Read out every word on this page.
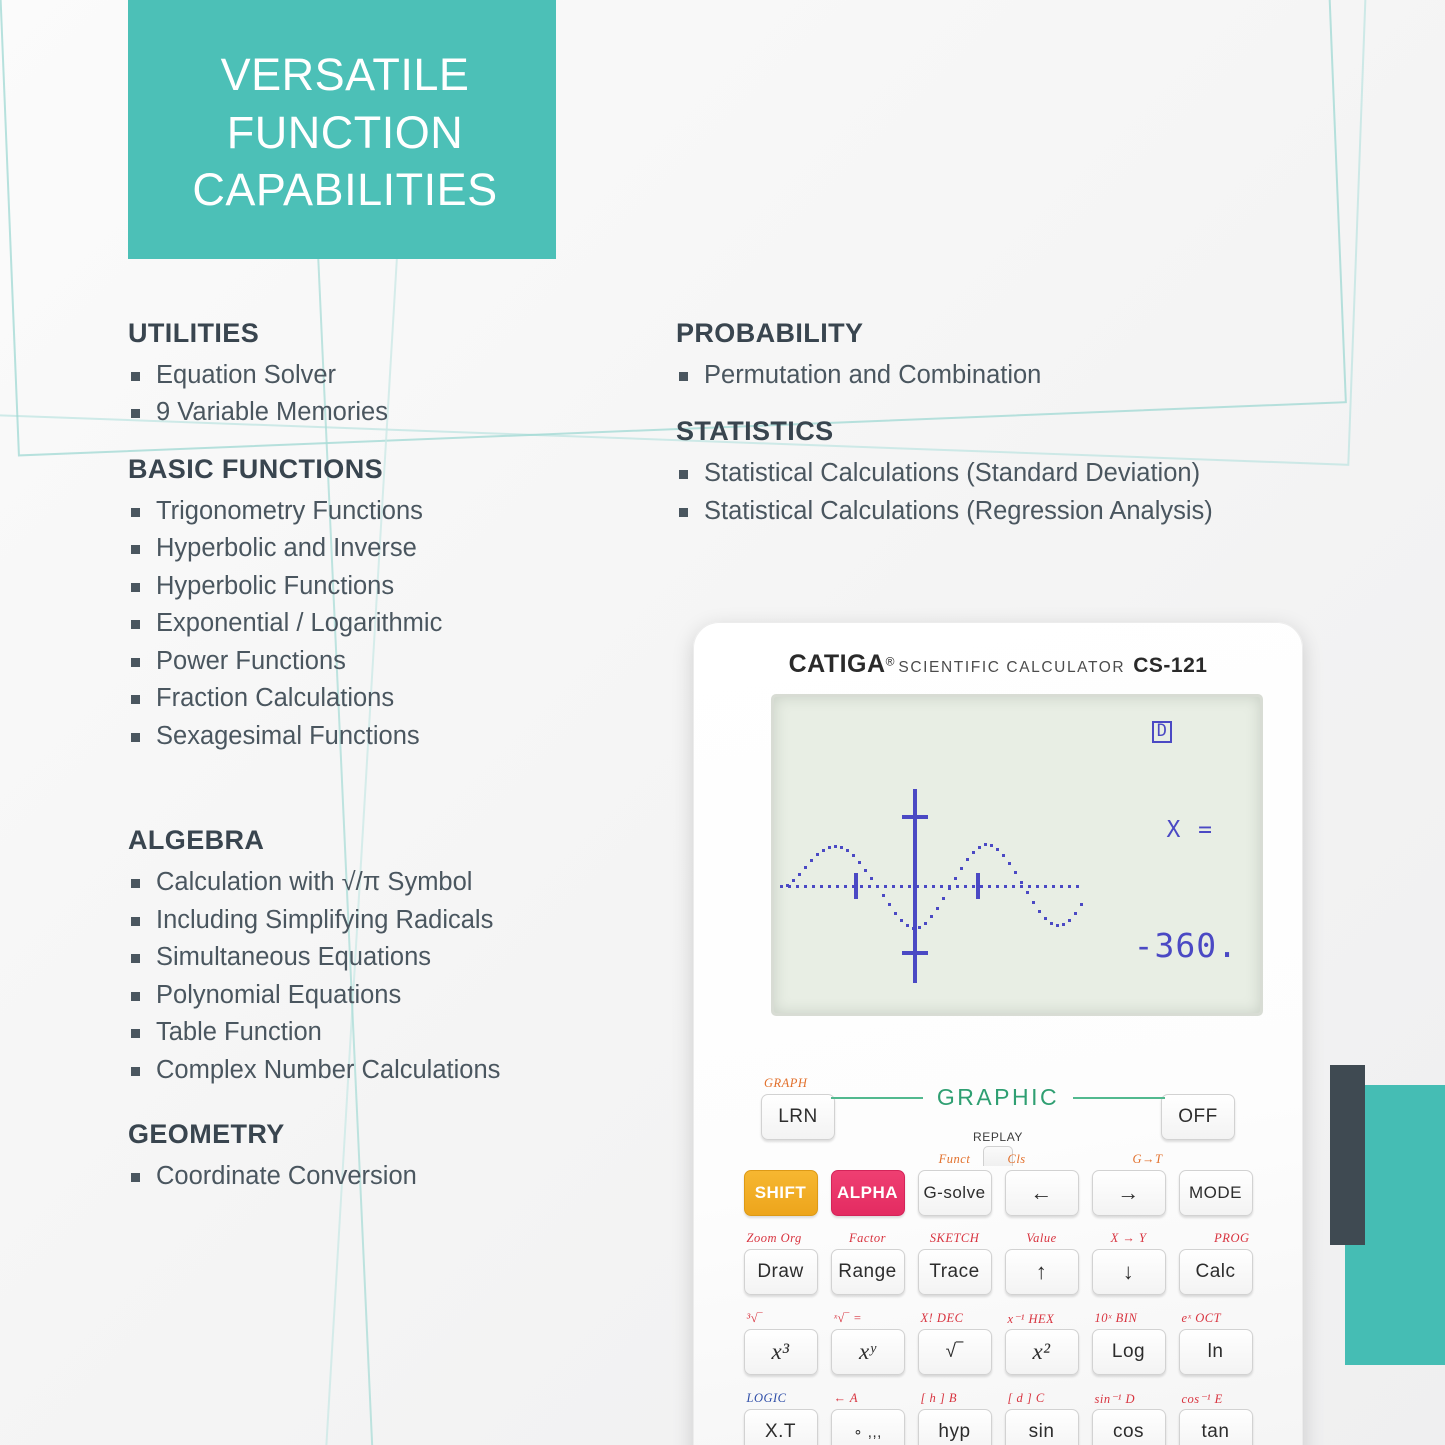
VERSATILE FUNCTION CAPABILITIES
UTILITIES
Equation Solver
9 Variable Memories
BASIC FUNCTIONS
Trigonometry Functions
Hyperbolic and Inverse
Hyperbolic Functions
Exponential / Logarithmic
Power Functions
Fraction Calculations
Sexagesimal Functions
ALGEBRA
Calculation with √/π Symbol
Including Simplifying Radicals
Simultaneous Equations
Polynomial Equations
Table Function
Complex Number Calculations
GEOMETRY
Coordinate Conversion
PROBABILITY
Permutation and Combination
STATISTICS
Statistical Calculations (Standard Deviation)
Statistical Calculations (Regression Analysis)
CATIGA® SCIENTIFIC CALCULATOR CS-121
D
X =
-360.
GRAPH
LRN	OFF
GRAPHIC
REPLAY
SHIFT ALPHA
Funct
G-solve
Cls
←
G→T
→	MODE
Zoom Org
Draw
Factor
Range
SKETCH
Trace
Value
↑
X → Y
↓
PROG
Calc
³√‾
x³
ˣ√‾ =
xʸ
X! DEC
√‾
x⁻¹ HEX
x²
10ˣ BIN
Log
eˣ OCT
ln
LOGIC
X.T
← A
∘ ,,,
[ h ] B
hyp
[ d ] C
sin
sin⁻¹ D
cos
cos⁻¹ E
tan
